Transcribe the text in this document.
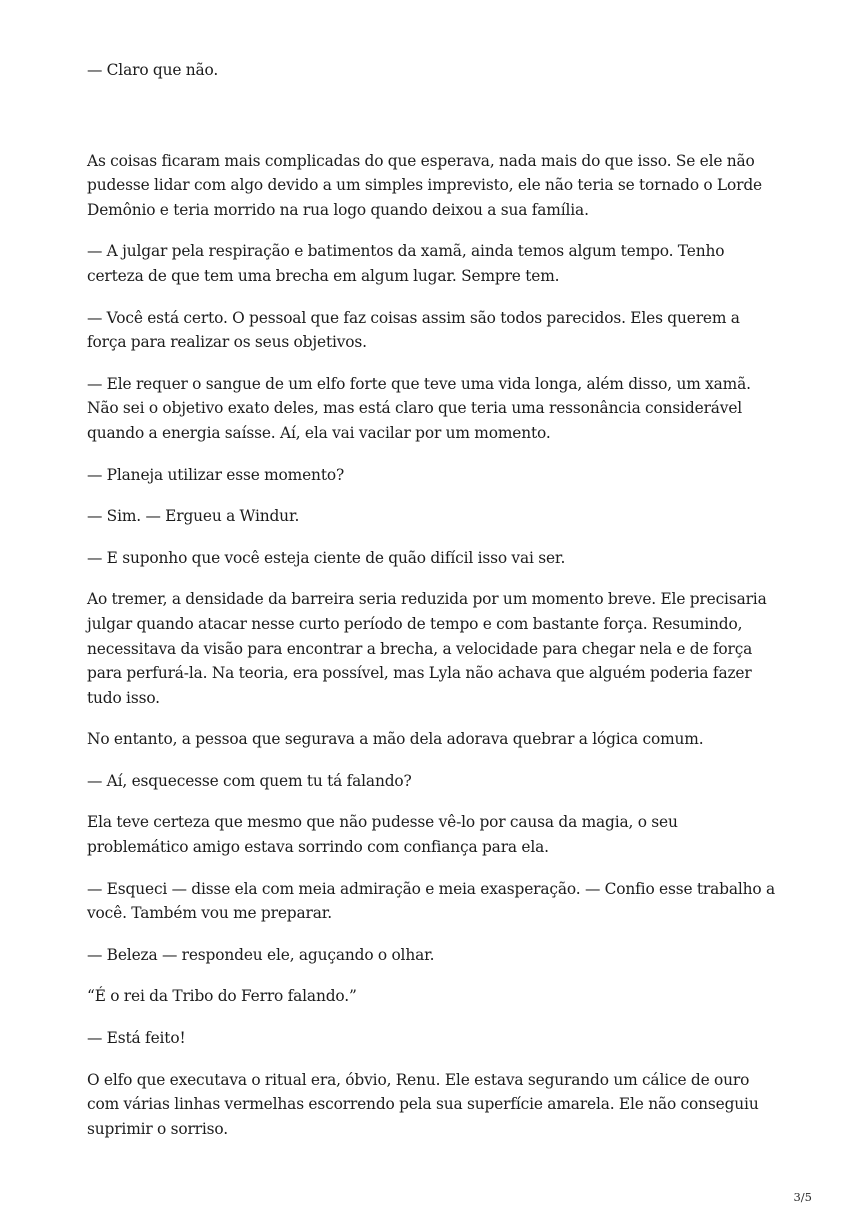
— Claro que não.

As coisas ficaram mais complicadas do que esperava, nada mais do que isso. Se ele não pudesse lidar com algo devido a um simples imprevisto, ele não teria se tornado o Lorde Demônio e teria morrido na rua logo quando deixou a sua família.

— A julgar pela respiração e batimentos da xamã, ainda temos algum tempo. Tenho certeza de que tem uma brecha em algum lugar. Sempre tem.

— Você está certo. O pessoal que faz coisas assim são todos parecidos. Eles querem a força para realizar os seus objetivos.

— Ele requer o sangue de um elfo forte que teve uma vida longa, além disso, um xamã. Não sei o objetivo exato deles, mas está claro que teria uma ressonância considerável quando a energia saísse. Aí, ela vai vacilar por um momento.

— Planeja utilizar esse momento?

— Sim. — Ergueu a Windur.

— E suponho que você esteja ciente de quão difícil isso vai ser.

Ao tremer, a densidade da barreira seria reduzida por um momento breve. Ele precisaria julgar quando atacar nesse curto período de tempo e com bastante força. Resumindo, necessitava da visão para encontrar a brecha, a velocidade para chegar nela e de força para perfurá-la. Na teoria, era possível, mas Lyla não achava que alguém poderia fazer tudo isso.

No entanto, a pessoa que segurava a mão dela adorava quebrar a lógica comum.

— Aí, esquecesse com quem tu tá falando?

Ela teve certeza que mesmo que não pudesse vê-lo por causa da magia, o seu problemático amigo estava sorrindo com confiança para ela.

— Esqueci — disse ela com meia admiração e meia exasperação. — Confio esse trabalho a você. Também vou me preparar.

— Beleza — respondeu ele, aguçando o olhar.

“É o rei da Tribo do Ferro falando.”

— Está feito!

O elfo que executava o ritual era, óbvio, Renu. Ele estava segurando um cálice de ouro com várias linhas vermelhas escorrendo pela sua superfície amarela. Ele não conseguiu suprimir o sorriso.

3/5
